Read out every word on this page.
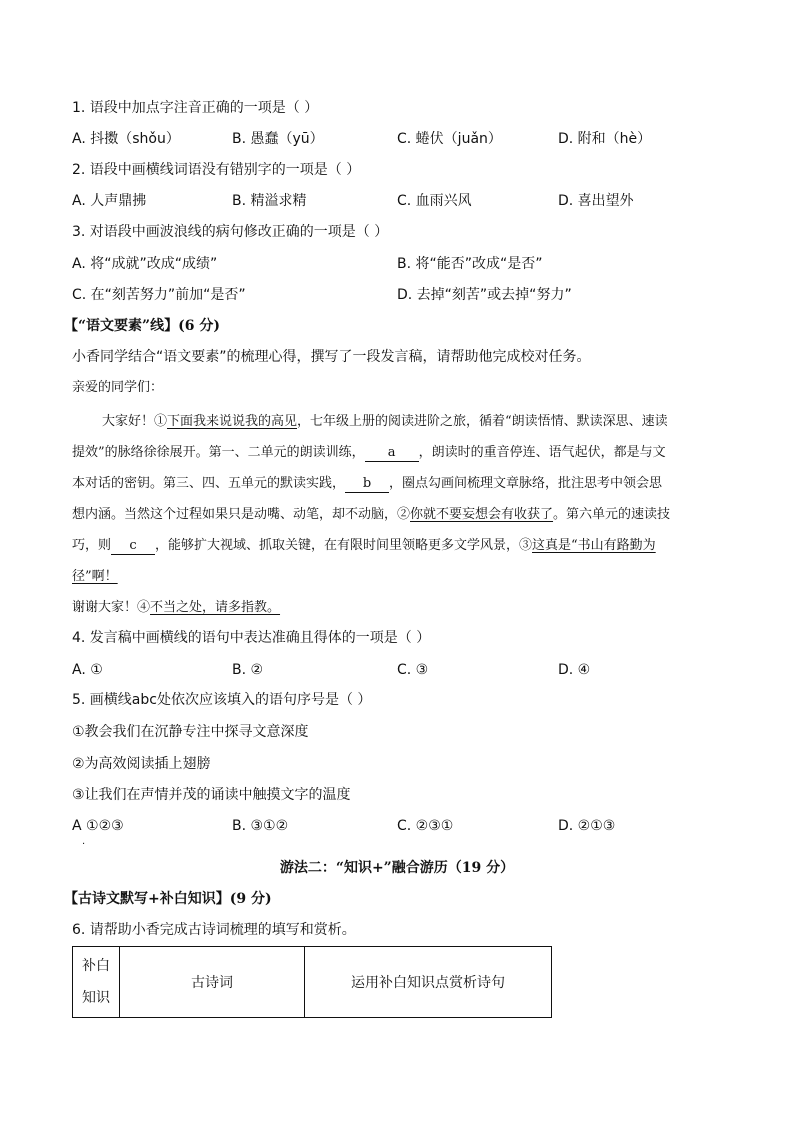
1. 语段中加点字注音正确的一项是（ ）
A. 抖擞（shǒu）	B. 愚蠢（yū）	C. 蜷伏（juǎn）	D. 附和（hè）
2. 语段中画横线词语没有错别字的一项是（ ）
A. 人声鼎拂	B. 精溢求精	C. 血雨兴风	D. 喜出望外
3. 对语段中画波浪线的病句修改正确的一项是（ ）
A. 将“成就”改成“成绩”	B. 将“能否”改成“是否”
C. 在“刻苦努力”前加“是否”	D. 去掉“刻苦”或去掉“努力”
【“语文要素”线】(6 分)
小香同学结合“语文要素”的梳理心得，撰写了一段发言稿，请帮助他完成校对任务。
亲爱的同学们：
大家好！①下面我来说说我的高见，七年级上册的阅读进阶之旅，循着“朗读悟情、默读深思、速读
提效”的脉络徐徐展开。第一、二单元的朗读训练， a ，朗读时的重音停连、语气起伏，都是与文
本对话的密钥。第三、四、五单元的默读实践， b ，圈点勾画间梳理文章脉络，批注思考中领会思
想内涵。当然这个过程如果只是动嘴、动笔，却不动脑，②你就不要妄想会有收获了。第六单元的速读技
巧，则 c ，能够扩大视域、抓取关键，在有限时间里领略更多文学风景，③这真是“书山有路勤为
径”啊！
谢谢大家！④不当之处，请多指教。
4. 发言稿中画横线的语句中表达准确且得体的一项是（ ）
A. ①	B. ②	C. ③	D. ④
5. 画横线abc处依次应该填入的语句序号是（ ）
①教会我们在沉静专注中探寻文意深度
②为高效阅读插上翅膀
③让我们在声情并茂的诵读中触摸文字的温度
A ①②③	B. ③①②	C. ②③①	D. ②①③
·
游法二：“知识+”融合游历（19 分）
【古诗文默写+补白知识】(9 分)
6. 请帮助小香完成古诗词梳理的填写和赏析。
补白
知识
	古诗词	运用补白知识点赏析诗句
